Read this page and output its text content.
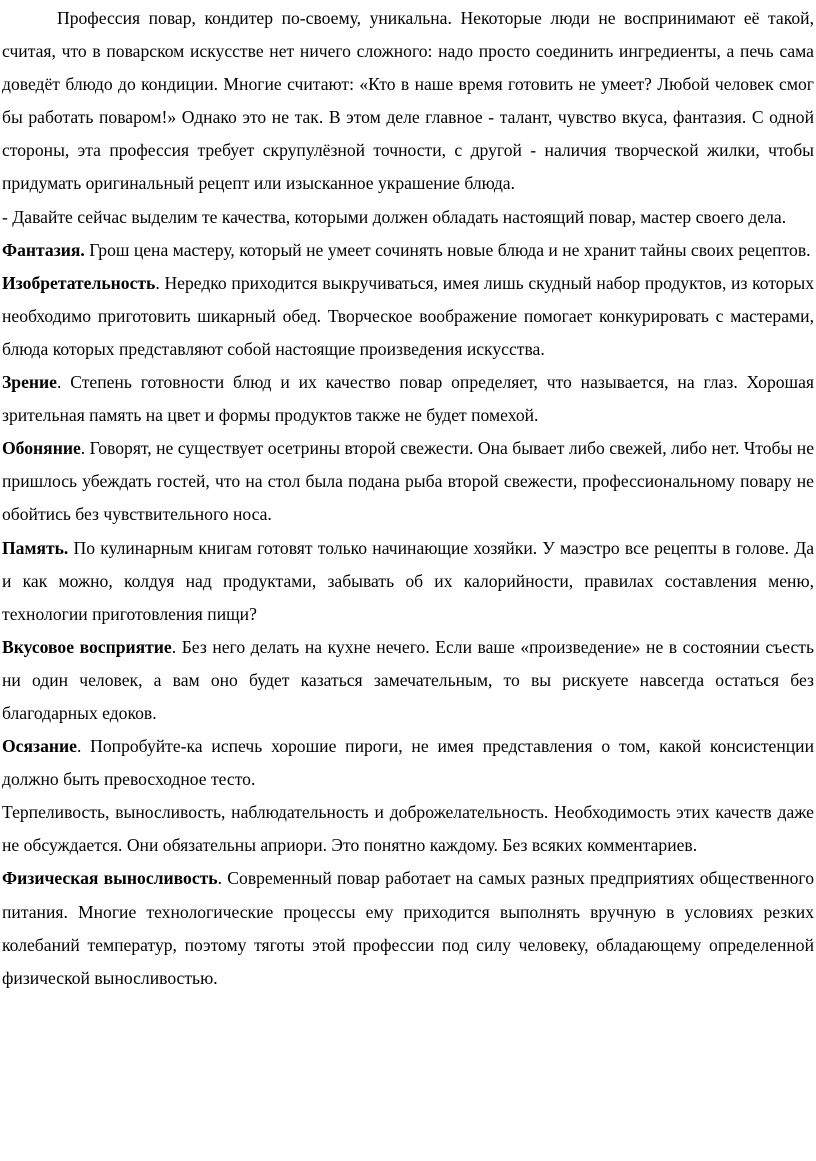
Профессия повар, кондитер по-своему, уникальна. Некоторые люди не воспринимают её такой, считая, что в поварском искусстве нет ничего сложного: надо просто соединить ингредиенты, а печь сама доведёт блюдо до кондиции. Многие считают: «Кто в наше время готовить не умеет? Любой человек смог бы работать поваром!» Однако это не так. В этом деле главное - талант, чувство вкуса, фантазия. С одной стороны, эта профессия требует скрупулёзной точности, с другой - наличия творческой жилки, чтобы придумать оригинальный рецепт или изысканное украшение блюда.

- Давайте сейчас выделим те качества, которыми должен обладать настоящий повар, мастер своего дела.

Фантазия. Грош цена мастеру, который не умеет сочинять новые блюда и не хранит тайны своих рецептов.

Изобретательность. Нередко приходится выкручиваться, имея лишь скудный набор продуктов, из которых необходимо приготовить шикарный обед. Творческое воображение помогает конкурировать с мастерами, блюда которых представляют собой настоящие произведения искусства.

Зрение. Степень готовности блюд и их качество повар определяет, что называется, на глаз. Хорошая зрительная память на цвет и формы продуктов также не будет помехой.

Обоняние. Говорят, не существует осетрины второй свежести. Она бывает либо свежей, либо нет. Чтобы не пришлось убеждать гостей, что на стол была подана рыба второй свежести, профессиональному повару не обойтись без чувствительного носа.

Память. По кулинарным книгам готовят только начинающие хозяйки. У маэстро все рецепты в голове. Да и как можно, колдуя над продуктами, забывать об их калорийности, правилах составления меню, технологии приготовления пищи?

Вкусовое восприятие. Без него делать на кухне нечего. Если ваше «произведение» не в состоянии съесть ни один человек, а вам оно будет казаться замечательным, то вы рискуете навсегда остаться без благодарных едоков.

Осязание. Попробуйте-ка испечь хорошие пироги, не имея представления о том, какой консистенции должно быть превосходное тесто.

Терпеливость, выносливость, наблюдательность и доброжелательность. Необходимость этих качеств даже не обсуждается. Они обязательны априори. Это понятно каждому. Без всяких комментариев.

Физическая выносливость. Современный повар работает на самых разных предприятиях общественного питания. Многие технологические процессы ему приходится выполнять вручную в условиях резких колебаний температур, поэтому тяготы этой профессии под силу человеку, обладающему определенной физической выносливостью.
